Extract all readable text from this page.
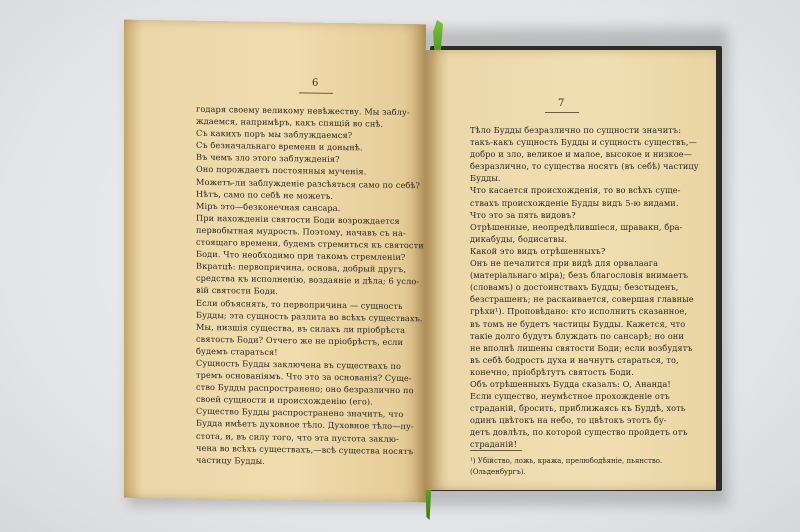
6
годаря своему великому невѣжеству. Мы заблу-
ждаемся, напримѣръ, какъ спящій во снѣ.
Съ какихъ поръ мы заблуждаемся?
Съ безначальнаго времени и донынѣ.
Въ чемъ зло этого заблужденія?
Оно порождаетъ постоянныя мученія.
Можетъ-ли заблужденіе разсѣяться само по себѣ?
Нѣтъ, само по себѣ не можетъ.
Міръ это—безконечная сансара.
При нахожденіи святости Боди возрождается
первобытная мудрость. Поэтому, начавъ съ на-
стоящаго времени, будемъ стремиться къ святости
Боди. Что необходимо при такомъ стремленіи?
Вкратцѣ: первопричина, основа, добрый другъ,
средства къ исполненію, воздаяніе и дѣла; 6 усло-
вій святости Боди.
Если объяснять, то первопричина — сущность
Будды; эта сущность разлита во всѣхъ существахъ.
Мы, низшія существа, въ силахъ ли пріобрѣста
святость Боди? Отчего же не пріобрѣстъ, если
будемъ стараться!
Сущность Будды заключена въ существахъ по
тремъ основаніямъ. Что это за основанія? Суще-
ство Будды распространено; оно безразлично по
своей сущности и происхожденію (его).
Существо Будды распространено значитъ, что
Будда имѣетъ духовное тѣло. Духовное тѣло—пу-
стота, и, въ силу того, что эта пустота заклю-
чена во всѣхъ существахъ,—всѣ существа носятъ
частицу Будды.
7
Тѣло Будды безразлично по сущности значитъ:
такъ-какъ сущность Будды и сущность существъ,—
добро и зло, великое и малое, высокое и низкое—
безразлично, то существа носятъ (въ себѣ) частицу
Будды.
Что касается происхожденія, то во всѣхъ суще-
ствахъ происхожденіе Будды видъ 5-ю видами.
Что это за пять видовъ?
Отрѣшенные, неопредѣлившіеся, шравакн, бра-
дикабуды, бодисатвы.
Какой это видъ отрѣшенныхъ?
Онъ не печалится при видѣ для орвалаага
(матеріальнаго міра); безъ благословія внимаетъ
(словамъ) о достоинствахъ Будды; безстыденъ,
безстрашенъ; не раскаивается, совершая главные
грѣхи¹). Проповѣдано: кто исполнитъ сказанное,
въ томъ не будетъ частицы Будды. Кажется, что
такіе долго будутъ блуждать по сансарѣ; но они
не вполнѣ лишены святости Боди; если возбудятъ
въ себѣ бодрость духа и начнутъ стараться, то,
конечно, пріобрѣтутъ святость Боди.
Объ отрѣшенныхъ Будда сказалъ: О, Ананда!
Если существо, неумѣстное прохожденіе отъ
страданій, бросить, приближаясь къ Буддѣ, хоть
одинъ цвѣтокъ на небо, то цвѣтокъ этотъ бу-
детъ довлѣть, по которой существо пройдетъ отъ
страданій!
¹) Убійство, ложь, кража, прелюбодѣяніе, пьянство.
(Ольденбургъ).
